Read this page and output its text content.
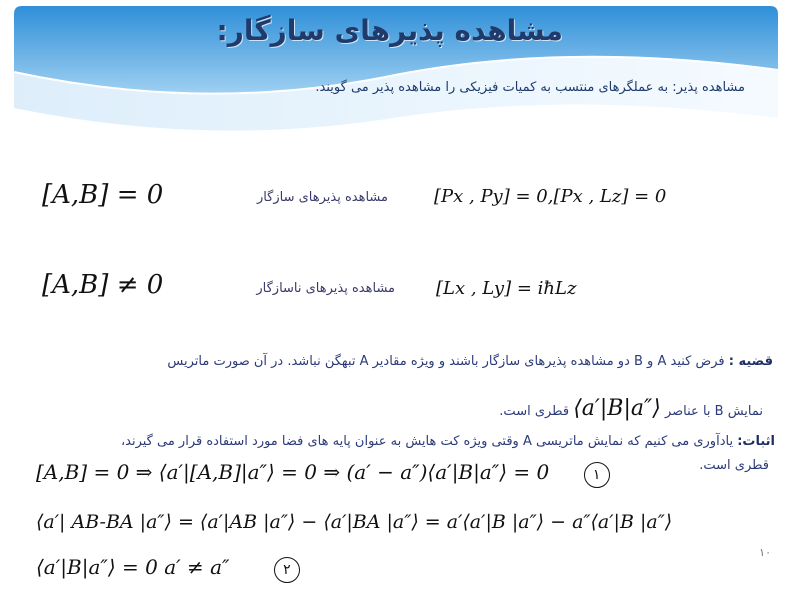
مشاهده پذیرهای سازگار:
مشاهده پذیر: به عملگرهای منتسب به کمیات فیزیکی را مشاهده پذیر می گویند.
[A,B] = 0	مشاهده پذیرهای سازگار	[Px , Py] = 0,[Px , Lz] = 0
[A,B] ≠ 0	مشاهده پذیرهای ناسازگار [Lx , Ly] = iħLz
قضیه : فرض کنید A و B دو مشاهده پذیرهای سازگار باشند و ویژه مقادیر A تبهگن نباشد. در آن صورت ماتریس
نمایش B با عناصر ⟨a′|B|a″⟩ قطری است.
اثبات: یادآوری می کنیم که نمایش ماتریسی A وقتی ویژه کت هایش به عنوان پایه های فضا مورد استفاده قرار می گیرند،
قطری است.
[A,B] = 0 ⇒ ⟨a′|[A,B]|a″⟩ = 0 ⇒ (a′ − a″)⟨a′|B|a″⟩ = 0	١
⟨a′| AB-BA |a″⟩ = ⟨a′|AB |a″⟩ − ⟨a′|BA |a″⟩ = a′⟨a′|B |a″⟩ − a″⟨a′|B |a″⟩
⟨a′|B|a″⟩ = 0 a′ ≠ a″	٢
۱۰
